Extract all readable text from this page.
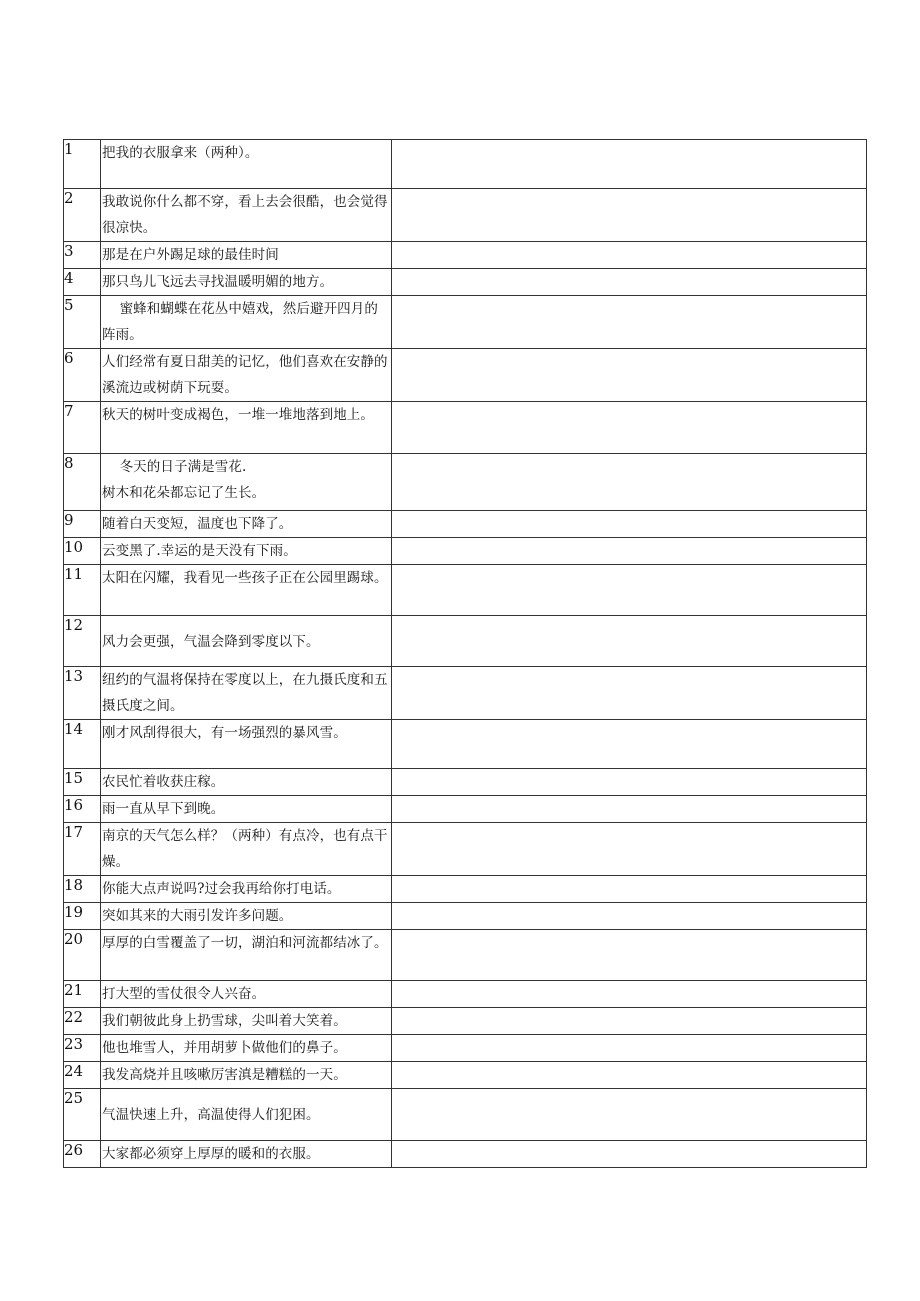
1	把我的衣服拿来（两种）。	
2	我敢说你什么都不穿，看上去会很酷，也会觉得很凉快。	
3	那是在户外踢足球的最佳时间	
4	那只鸟儿飞远去寻找温暖明媚的地方。	
5	蜜蜂和蝴蝶在花丛中嬉戏，然后避开四月的阵雨。	
6	人们经常有夏日甜美的记忆，他们喜欢在安静的溪流边或树荫下玩耍。	
7	秋天的树叶变成褐色，一堆一堆地落到地上。	
8	冬天的日子满是雪花.
树木和花朵都忘记了生长。	
9	随着白天变短，温度也下降了。	
10	云变黑了.幸运的是天没有下雨。	
11	太阳在闪耀，我看见一些孩子正在公园里踢球。	
12	风力会更强，气温会降到零度以下。	
13	纽约的气温将保持在零度以上，在九摄氏度和五摄氏度之间。	
14	刚才风刮得很大，有一场强烈的暴风雪。	
15	农民忙着收获庄稼。	
16	雨一直从早下到晚。	
17	南京的天气怎么样？（两种）有点冷，也有点干燥。	
18	你能大点声说吗?过会我再给你打电话。	
19	突如其来的大雨引发许多问题。	
20	厚厚的白雪覆盖了一切，湖泊和河流都结冰了。	
21	打大型的雪仗很令人兴奋。	
22	我们朝彼此身上扔雪球，尖叫着大笑着。	
23	他也堆雪人，并用胡萝卜做他们的鼻子。	
24	我发高烧并且咳嗽厉害滇是糟糕的一天。	
25	气温快速上升，高温使得人们犯困。	
26	大家都必须穿上厚厚的暖和的衣服。	
